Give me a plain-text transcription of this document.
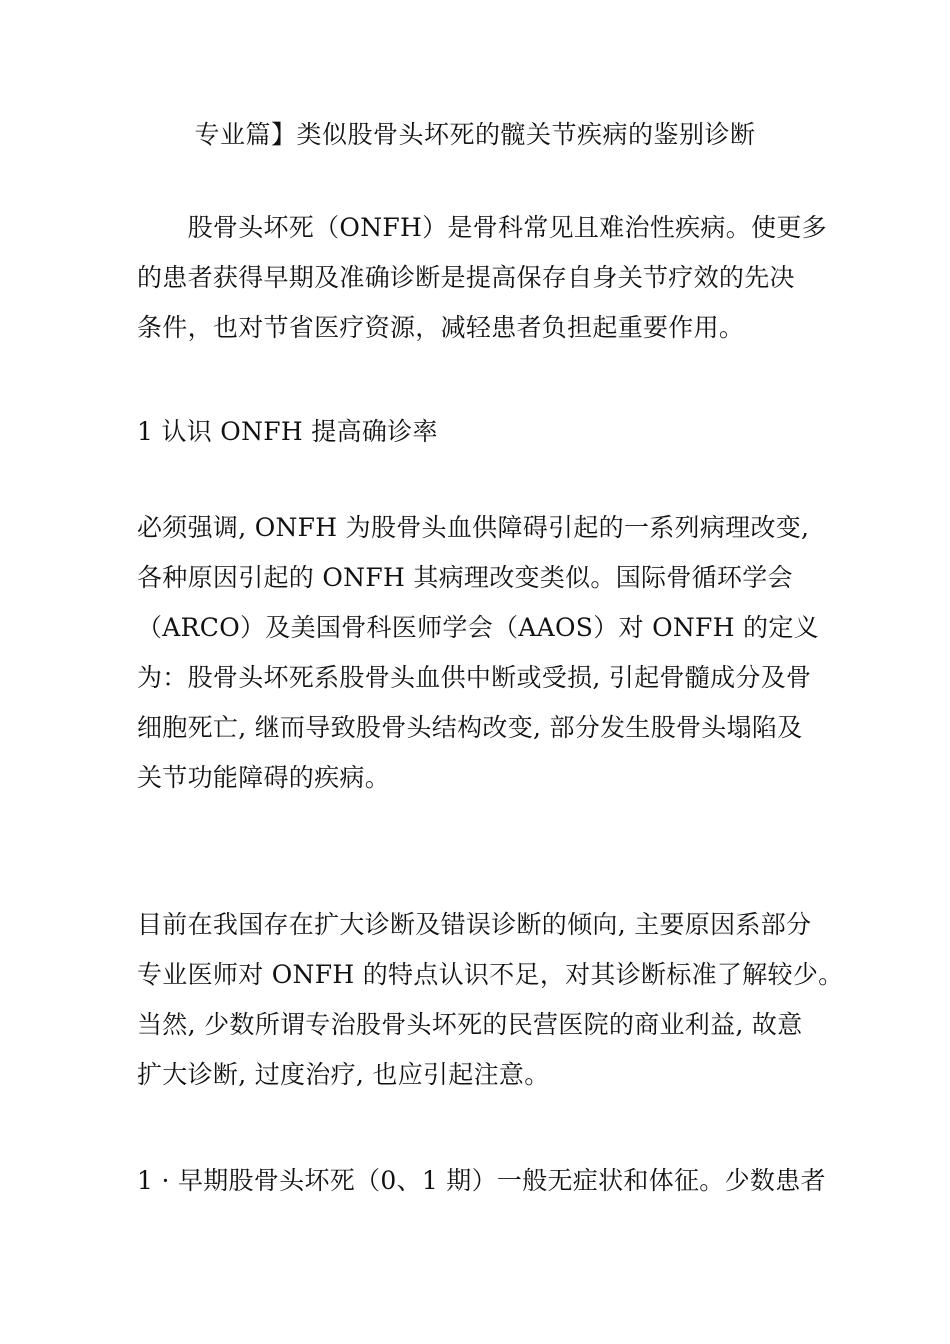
专业篇】类似股骨头坏死的髋关节疾病的鉴别诊断
　　股骨头坏死（ONFH）是骨科常见且难治性疾病。使更多
的患者获得早期及准确诊断是提高保存自身关节疗效的先决
条件，也对节省医疗资源，减轻患者负担起重要作用。
1 认识 ONFH 提高确诊率
必须强调, ONFH 为股骨头血供障碍引起的一系列病理改变,
各种原因引起的 ONFH 其病理改变类似。国际骨循环学会
（ARCO）及美国骨科医师学会（AAOS）对 ONFH 的定义
为：股骨头坏死系股骨头血供中断或受损, 引起骨髓成分及骨
细胞死亡, 继而导致股骨头结构改变, 部分发生股骨头塌陷及
关节功能障碍的疾病。
目前在我国存在扩大诊断及错误诊断的倾向, 主要原因系部分
专业医师对 ONFH 的特点认识不足，对其诊断标准了解较少。
当然, 少数所谓专治股骨头坏死的民营医院的商业利益, 故意
扩大诊断, 过度治疗, 也应引起注意。
1 · 早期股骨头坏死（0、1 期）一般无症状和体征。少数患者
